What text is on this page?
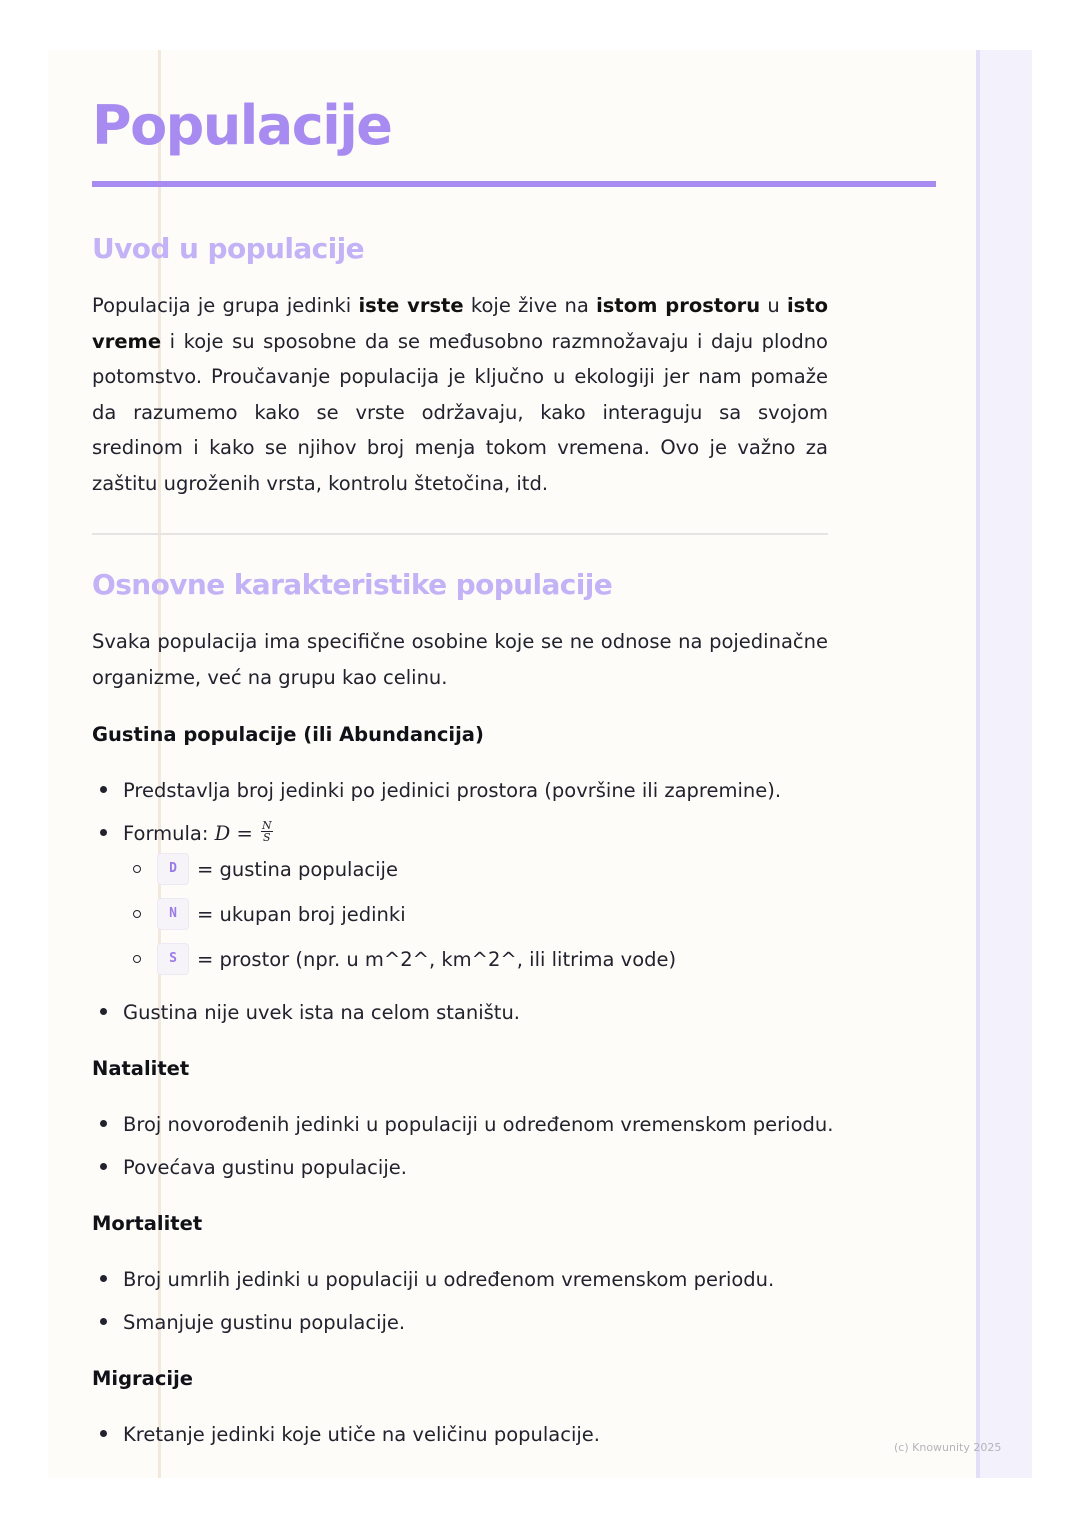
Populacije
Uvod u populacije

Populacija je grupa jedinki iste vrste koje žive na istom prostoru u isto vreme i koje su sposobne da se međusobno razmnožavaju i daju plodno potomstvo. Proučavanje populacija je ključno u ekologiji jer nam pomaže da razumemo kako se vrste održavaju, kako interaguju sa svojom sredinom i kako se njihov broj menja tokom vremena. Ovo je važno za zaštitu ugroženih vrsta, kontrolu štetočina, itd.

Osnovne karakteristike populacije

Svaka populacija ima specifične osobine koje se ne odnose na pojedinačne organizme, već na grupu kao celinu.

Gustina populacije (ili Abundancija)
Predstavlja broj jedinki po jedinici prostora (površine ili zapremine).
Formula: $D = \frac{N}{S}$
D	= gustina populacije
N	= ukupan broj jedinki
S	= prostor (npr. u m^2^, km^2^, ili litrima vode)
Gustina nije uvek ista na celom staništu.
Natalitet
Broj novorođenih jedinki u populaciji u određenom vremenskom periodu.
Povećava gustinu populacije.
Mortalitet
Broj umrlih jedinki u populaciji u određenom vremenskom periodu.
Smanjuje gustinu populacije.
Migracije
Kretanje jedinki koje utiče na veličinu populacije.
(c) Knowunity 2025
